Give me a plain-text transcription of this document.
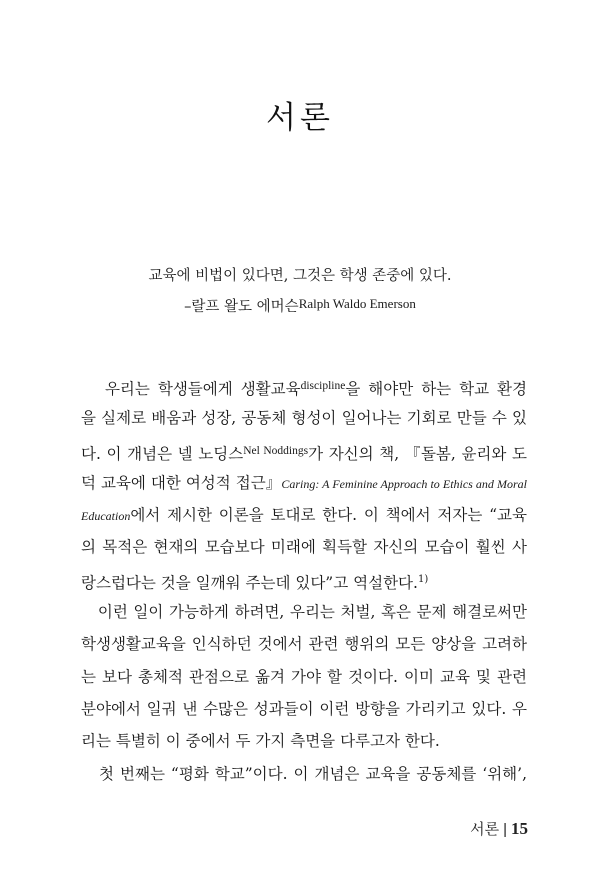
서론
교육에 비법이 있다면, 그것은 학생 존중에 있다.
–랄프 왈도 에머슨Ralph Waldo Emerson
우리는 학생들에게 생활교육$^{discipline}$을 해야만 하는 학교 환경
을 실제로 배움과 성장, 공동체 형성이 일어나는 기회로 만들 수 있
다. 이 개념은 넬 노딩스$^{Nel Noddings}$가 자신의 책, 『돌봄, 윤리와 도
덕 교육에 대한 여성적 접근』Caring: A Feminine Approach to Ethics and Moral
Education에서 제시한 이론을 토대로 한다. 이 책에서 저자는 “교육
의 목적은 현재의 모습보다 미래에 획득할 자신의 모습이 훨씬 사
랑스럽다는 것을 일깨워 주는데 있다”고 역설한다.$^{1)}$
이런 일이 가능하게 하려면, 우리는 처벌, 혹은 문제 해결로써만
학생생활교육을 인식하던 것에서 관련 행위의 모든 양상을 고려하
는 보다 총체적 관점으로 옮겨 가야 할 것이다. 이미 교육 및 관련
분야에서 일궈 낸 수많은 성과들이 이런 방향을 가리키고 있다. 우
리는 특별히 이 중에서 두 가지 측면을 다루고자 한다.
첫 번째는 “평화 학교”이다. 이 개념은 교육을 공동체를 ‘위해’,
서론 | 15
